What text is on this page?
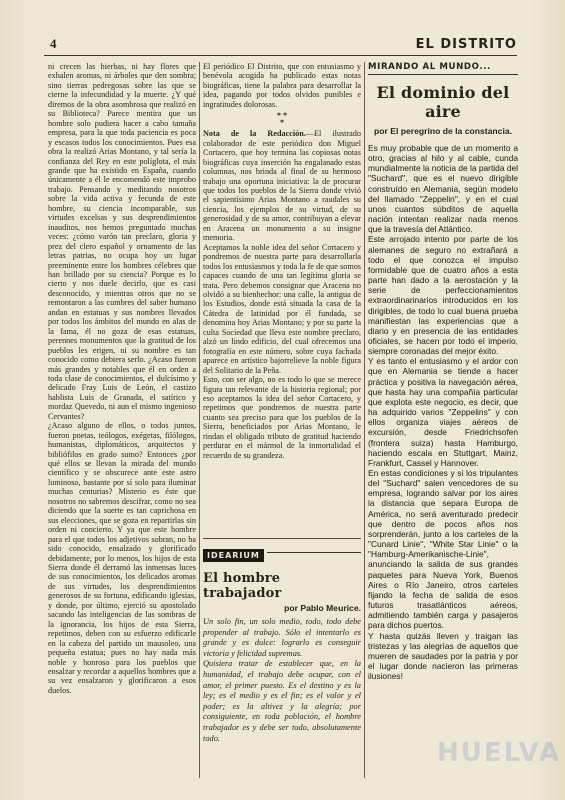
4	EL DISTRITO

ni crecen las hierbas, ni hay flores que exhalen aromas, ni árboles que den sombra; sino tierras pedregosas sobre las que se cierne la infecundidad y la muerte. ¿Y qué diremos de la obra asombrosa que realizó en su Biblioteca? Parece mentira que un hombre solo pudiera hacer a cabo tamaña empresa, para la que toda paciencia es poca y escasos todos los conocimientos. Pues esa obra la realizó Arias Montano, y tal sería la confianza del Rey en este políglota, el más grande que ha existido en España, cuando únicamente a él le encomendó este improbo trabajo. Pensando y meditando nosotros sobre la vida activa y fecunda de este hombre, su ciencia incomparable, sus virtudes excelsas y sus desprendimientos inauditos, nos hemos preguntado muchas veces: ¿cómo varón tan preclaro, gloria y prez del clero español y ornamento de las letras patrias, no ocupa hoy un lugar preeminente entre los hombres célebres que han brillado por su ciencia? Porque es lo cierto y nos duele decirlo, que es casi desconocido, y mientras otros que no se remontaron a las cumbres del saber humano andan en estatuas y sus nombres llevados por todos los ámbitos del mundo en alas de la fama, él no goza de esas estatuas, perennes monumentos que la gratitud de los pueblos les erigen, ni su nombre es tan conocido como debiera serlo. ¿Acaso fueron más grandes y notables que él en orden a toda clase de conocimientos, el dulcísimo y delicado Fray Luis de León, el castizo hablista Luis de Granada, el satírico y mordaz Quevedo, ni aun el mismo ingenioso Cervantes?
¿Acaso alguno de ellos, o todos juntos, fueron poetas, teólogos, exégetas, filólogos, humanistas, diplomáticos, arquitectos y bibliófilos en grado sumo? Entonces ¿por qué ellos se llevan la mirada del mundo científico y se obscurece ante este astro luminoso, bastante por sí solo para iluminar muchas centurias? Misterio es éste que nosotros no sabremos descifrar, como no sea diciendo que la suerte es tan caprichosa en sus elecciones, que se goza en repartirlas sin orden ni concierto. Y ya que este hombre para el que todos los adjetivos sobran, no ha sido conocido, ensalzado y glorificado debidamente, por lo menos, los hijos de esta Sierra donde él derramó las inmensas luces de sus conocimientos, los delicados aromas de sus virtudes, los desprendimientos generosos de su fortuna, edificando iglesias, y donde, por último, ejerció su apostolado sacando las inteligencias de las sombras de la ignorancia, los hijos de esta Sierra, repetimos, deben con su esfuerzo edificarle en la cabeza del partido un mausoleo, una pequeña estatua; pues no hay nada más noble y honroso para los pueblos que ensalzar y recordar a aquellos hombres que a su vez ensalzaron y glorificaron a esos duelos.

El periódico El Distrito, que con entusiasmo y benévola acogida ha publicado estas notas biográficas, tiene la palabra para desarrollar la idea, pagando por todos olvidos punibles e ingratitudes dolorosas.

* *
*

Nota de la Redacción.—El ilustrado colaborador de este periódico don Miguel Cortacero, que hoy termina las copiosas notas biográficas cuya inserción ha engalanado estas columnas, nos brinda al final de su hermoso trabajo una oportuna iniciativa: la de procurar que todos los pueblos de la Sierra donde vivió el sapientísimo Arias Montano a raudales su ciencia, los ejemplos de su virtud, de su generosidad y de su amor, contribuyan a elevar en Aracena un monumento a su insigne memoria.
Aceptamos la noble idea del señor Cortacero y pondremos de nuestra parte para desarrollarla todos los entusiasmos y toda la fe de que somos capaces cuando de una tan legítima gloria se trata. Pero debemos consignar que Aracena no olvidó a su bienhechor: una calle, la antigua de los Estudios, donde está situada la casa de la Cátedra de latinidad por él fundada, se denomina hoy Arias Montano; y por su parte la culta Sociedad que lleva este nombre preclaro, alzó un lindo edificio, del cual ofrecemos una fotografía en este número, sobre cuya fachada aparece en artístico bajorrelieve la noble figura del Solitario de la Peña.
Esto, con ser algo, no es todo lo que se merece figura tan relevante de la historia regional; por eso aceptamos la idea del señor Cortacero, y repetimos que pondremos de nuestra parte cuanto sea preciso para que los pueblos de la Sierra, beneficiados por Arias Montano, le rindan el obligado tributo de gratitud haciendo perdurar en el mármol de la inmortalidad el recuerdo de su grandeza.

IDEARIUM
El hombre trabajador
por Pablo Meurice.

Un solo fin, un solo medio, todo, todo debe propender al trabajo. Sólo el intentarlo es grande y es dulce: lograrlo es conseguir victoria y felicidad supremas.
Quisiera tratar de establecer que, en la humanidad, el trabajo debe ocupar, con el amor, el primer puesto. Es el destino y es la ley; es el medio y es el fin; es el valor y el poder; es la altivez y la alegría; por consiguiente, en toda población, el hombre trabajador es y debe ser todo, absolutamente todo.

MIRANDO AL MUNDO...
El dominio del aire
por El peregrino de la constancia.

Es muy probable que de un momento a otro, gracias al hilo y al cable, cunda mundialmente la noticia de la partida del "Suchard", que es el nuevo dirigible construído en Alemania, según modelo del llamado "Zeppelin", y en el cual unos cuantos súbditos de aquella nación intentan realizar nada menos que la travesía del Atlántico.
Este arrojado intento por parte de los alemanes de seguro no extrañará a todo el que conozca el impulso formidable que de cuatro años a esta parte han dado a la aerostación y la serie de perfeccionamientos extraordinarinarios introducidos en los dirigibles, de todo lo cual buena prueba manifiestan las experiencias que a diario y en presencia de las entidades oficiales, se hacen por todo el imperio, siempre coronadas del mejor éxito.
Y es tanto el entusiasmo y el ardor con que en Alemania se tiende a hacer práctica y positiva la navegación aérea, que hasta hay una compañía particular que explota este negocio, es decir, que ha adquirido varios "Zeppelins" y con ellos organiza viajes aéreos de excursión, desde Friedrichsofen (frontera suiza) hasta Hamburgo, haciendo escala en Stuttgart, Mainz, Frankfurt, Cassel y Hannover.
En estas condiciones y si los tripulantes del "Suchard" salen vencedores de su empresa, logrando salvar por los aires la distancia que separa Europa de América, no será aventurado predecir que dentro de pocos años nos sorprenderán, junto a los carteles de la "Cunard Linie", "White Star Linie" o la "Hamburg-Amerikanische-Linie", anunciando la salida de sus grandes paquetes para Nueva York, Buenos Aires o Río Janeiro, otros carteles fijando la fecha de salida de esos futuros trasatlánticos aéreos, admitiendo también carga y pasajeros para dichos puertos.
Y hasta quizás lleven y traigan las tristezas y las alegrías de aquellos que mueren de saudades por la patria y por el lugar donde nacieron las primeras ilusiones!

HUELVA
